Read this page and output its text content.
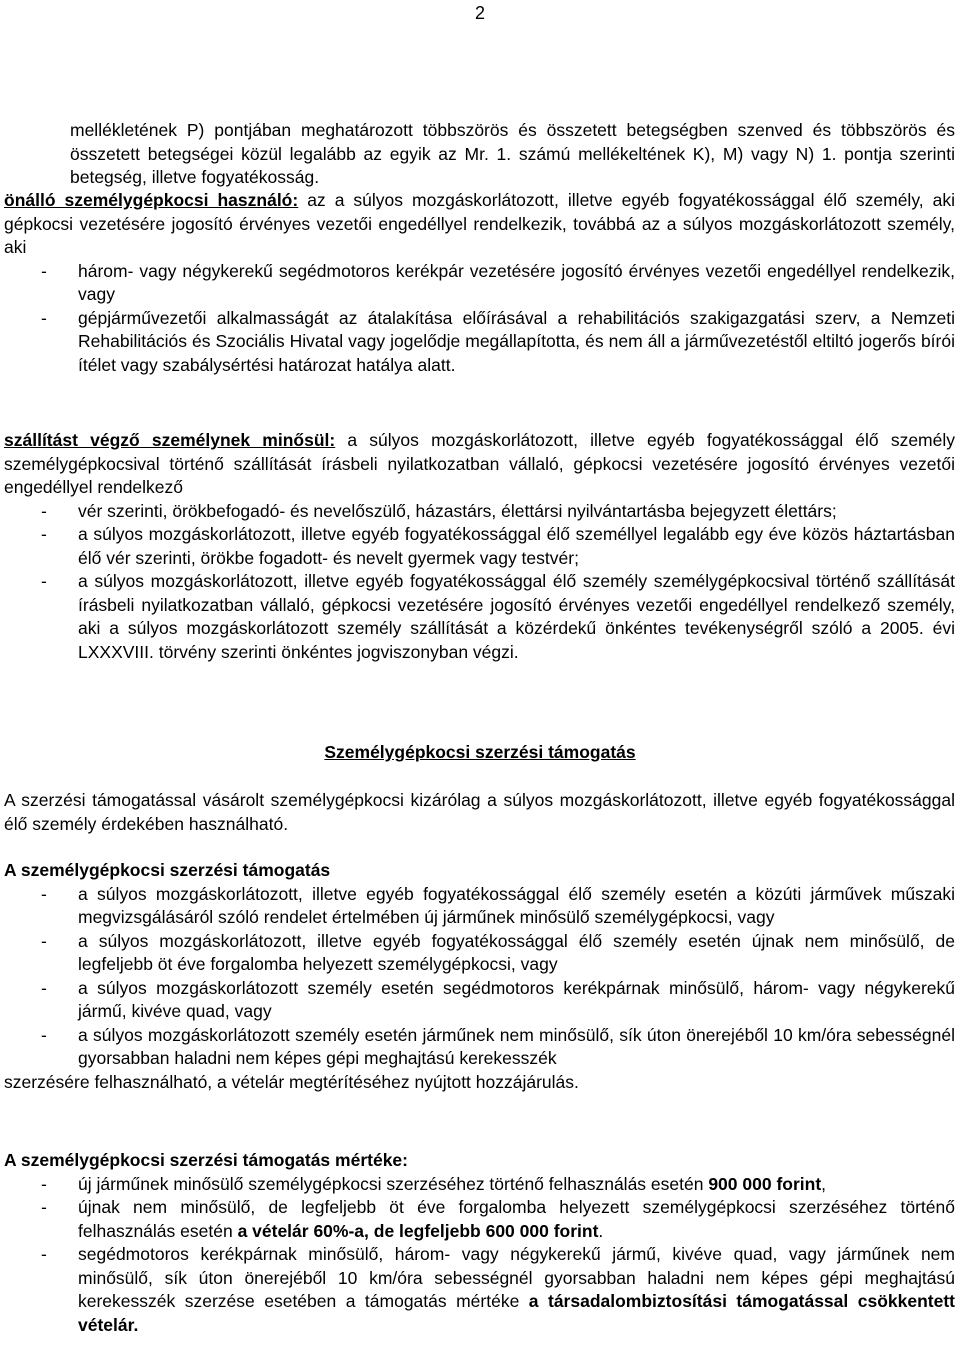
2
mellékletének P) pontjában meghatározott többszörös és összetett betegségben szenved és többszörös és összetett betegségei közül legalább az egyik az Mr. 1. számú mellékeltének K), M) vagy N) 1. pontja szerinti betegség, illetve fogyatékosság.
önálló személygépkocsi használó: az a súlyos mozgáskorlátozott, illetve egyéb fogyatékossággal élő személy, aki gépkocsi vezetésére jogosító érvényes vezetői engedéllyel rendelkezik, továbbá az a súlyos mozgáskorlátozott személy, aki
- három- vagy négykerekű segédmotoros kerékpár vezetésére jogosító érvényes vezetői engedéllyel rendelkezik, vagy
- gépjárművezetői alkalmasságát az átalakítása előírásával a rehabilitációs szakigazgatási szerv, a Nemzeti Rehabilitációs és Szociális Hivatal vagy jogelődje megállapította, és nem áll a járművezetéstől eltiltó jogerős bírói ítélet vagy szabálysértési határozat hatálya alatt.
szállítást végző személynek minősül: a súlyos mozgáskorlátozott, illetve egyéb fogyatékossággal élő személy személygépkocsival történő szállítását írásbeli nyilatkozatban vállaló, gépkocsi vezetésére jogosító érvényes vezetői engedéllyel rendelkező
- vér szerinti, örökbefogadó- és nevelőszülő, házastárs, élettársi nyilvántartásba bejegyzett élettárs;
- a súlyos mozgáskorlátozott, illetve egyéb fogyatékossággal élő személlyel legalább egy éve közös háztartásban élő vér szerinti, örökbe fogadott- és nevelt gyermek vagy testvér;
- a súlyos mozgáskorlátozott, illetve egyéb fogyatékossággal élő személy személygépkocsival történő szállítását írásbeli nyilatkozatban vállaló, gépkocsi vezetésére jogosító érvényes vezetői engedéllyel rendelkező személy, aki a súlyos mozgáskorlátozott személy szállítását a közérdekű önkéntes tevékenységről szóló a 2005. évi LXXXVIII. törvény szerinti önkéntes jogviszonyban végzi.
Személygépkocsi szerzési támogatás
A szerzési támogatással vásárolt személygépkocsi kizárólag a súlyos mozgáskorlátozott, illetve egyéb fogyatékossággal élő személy érdekében használható.
A személygépkocsi szerzési támogatás
- a súlyos mozgáskorlátozott, illetve egyéb fogyatékossággal élő személy esetén a közúti járművek műszaki megvizsgálásáról szóló rendelet értelmében új járműnek minősülő személygépkocsi, vagy
- a súlyos mozgáskorlátozott, illetve egyéb fogyatékossággal élő személy esetén újnak nem minősülő, de legfeljebb öt éve forgalomba helyezett személygépkocsi, vagy
- a súlyos mozgáskorlátozott személy esetén segédmotoros kerékpárnak minősülő, három- vagy négykerekű jármű, kivéve quad, vagy
- a súlyos mozgáskorlátozott személy esetén járműnek nem minősülő, sík úton önerejéből 10 km/óra sebességnél gyorsabban haladni nem képes gépi meghajtású kerekesszék
szerzésére felhasználható, a vételár megtérítéséhez nyújtott hozzájárulás.
A személygépkocsi szerzési támogatás mértéke:
- új járműnek minősülő személygépkocsi szerzéséhez történő felhasználás esetén 900 000 forint,
- újnak nem minősülő, de legfeljebb öt éve forgalomba helyezett személygépkocsi szerzéséhez történő felhasználás esetén a vételár 60%-a, de legfeljebb 600 000 forint.
- segédmotoros kerékpárnak minősülő, három- vagy négykerekű jármű, kivéve quad, vagy járműnek nem minősülő, sík úton önerejéből 10 km/óra sebességnél gyorsabban haladni nem képes gépi meghajtású kerekesszék szerzése esetében a támogatás mértéke a társadalombiztosítási támogatással csökkentett vételár.
